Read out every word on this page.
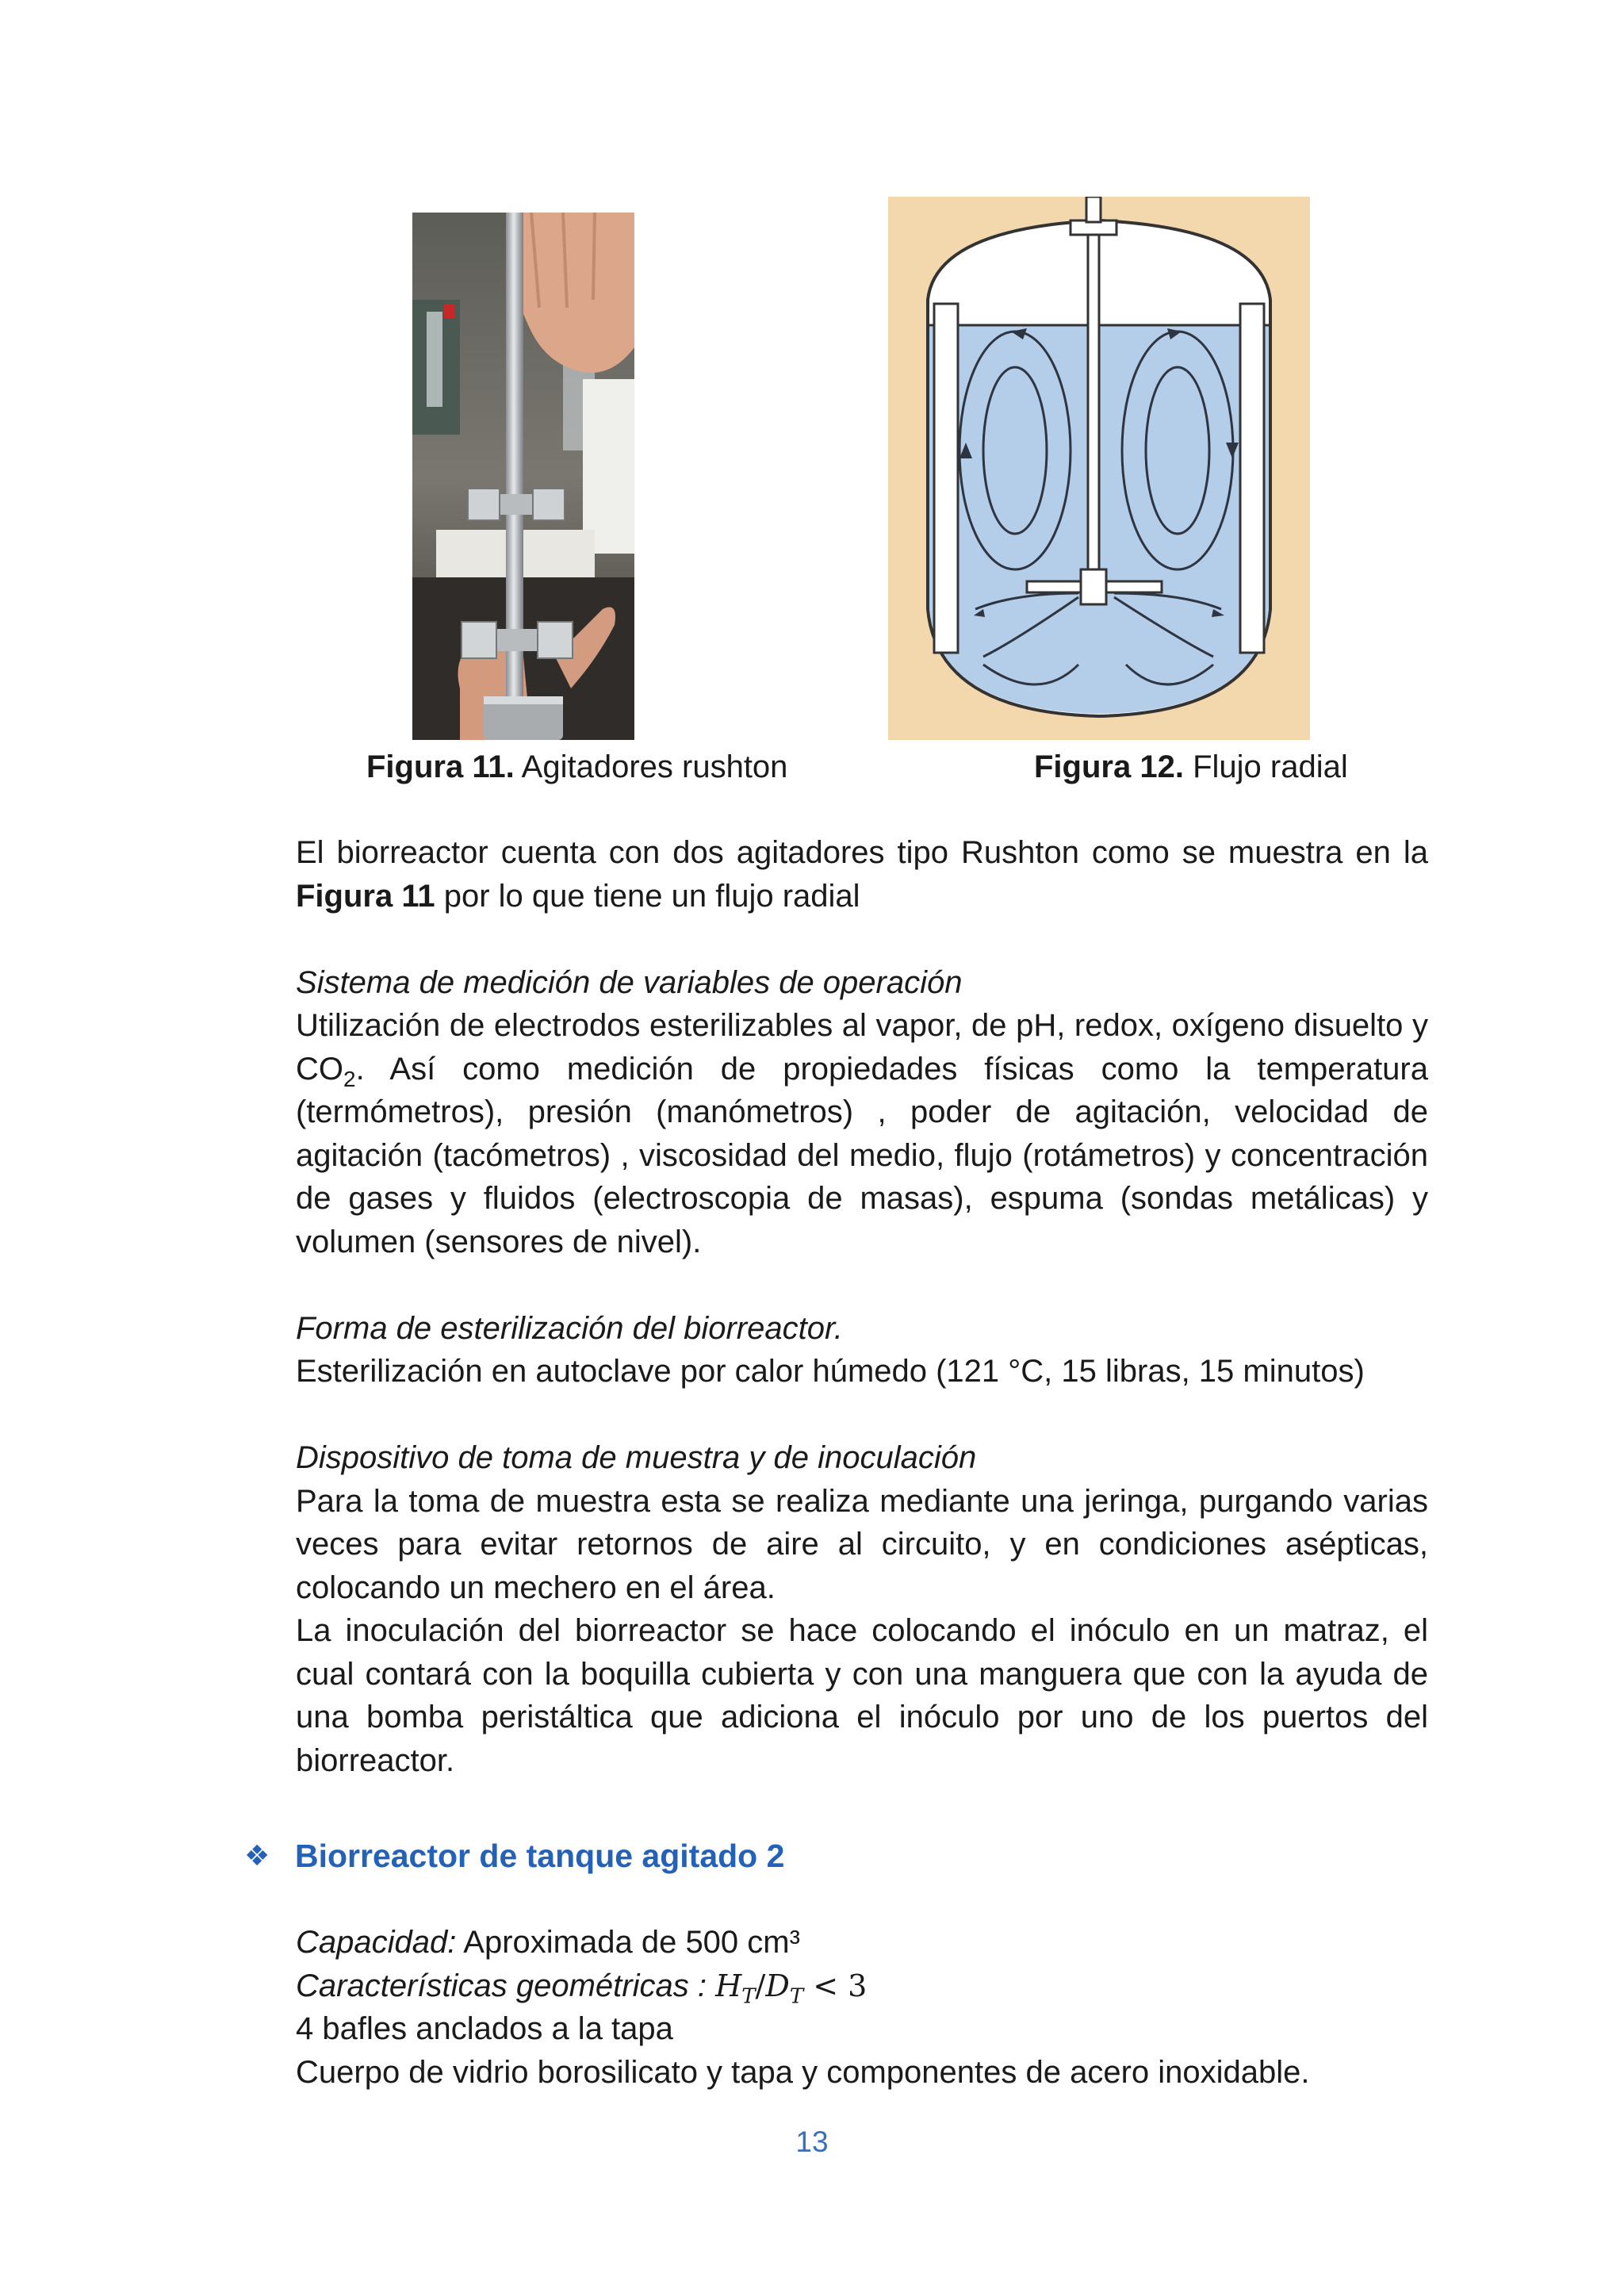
Figura 11. Agitadores rushton	Figura 12. Flujo radial

El biorreactor cuenta con dos agitadores tipo Rushton como se muestra en la Figura 11 por lo que tiene un flujo radial

Sistema de medición de variables de operación

Utilización de electrodos esterilizables al vapor, de pH, redox, oxígeno disuelto y $CO_2$. Así como medición de propiedades físicas como la temperatura (termómetros), presión (manómetros) , poder de agitación, velocidad de agitación (tacómetros) , viscosidad del medio, flujo (rotámetros) y concentración de gases y fluidos (electroscopia de masas), espuma (sondas metálicas) y volumen (sensores de nivel).

Forma de esterilización del biorreactor.

Esterilización en autoclave por calor húmedo (121 °C, 15 libras, 15 minutos)

Dispositivo de toma de muestra y de inoculación

Para la toma de muestra esta se realiza mediante una jeringa, purgando varias veces para evitar retornos de aire al circuito, y en condiciones asépticas, colocando un mechero en el área.

La inoculación del biorreactor se hace colocando el inóculo en un matraz, el cual contará con la boquilla cubierta y con una manguera que con la ayuda de una bomba peristáltica que adiciona el inóculo por uno de los puertos del biorreactor.

❖ Biorreactor de tanque agitado 2

Capacidad: Aproximada de 500 cm³

Características geométricas : $H_T/D_T < 3$

4 bafles anclados a la tapa

Cuerpo de vidrio borosilicato y tapa y componentes de acero inoxidable.

13
